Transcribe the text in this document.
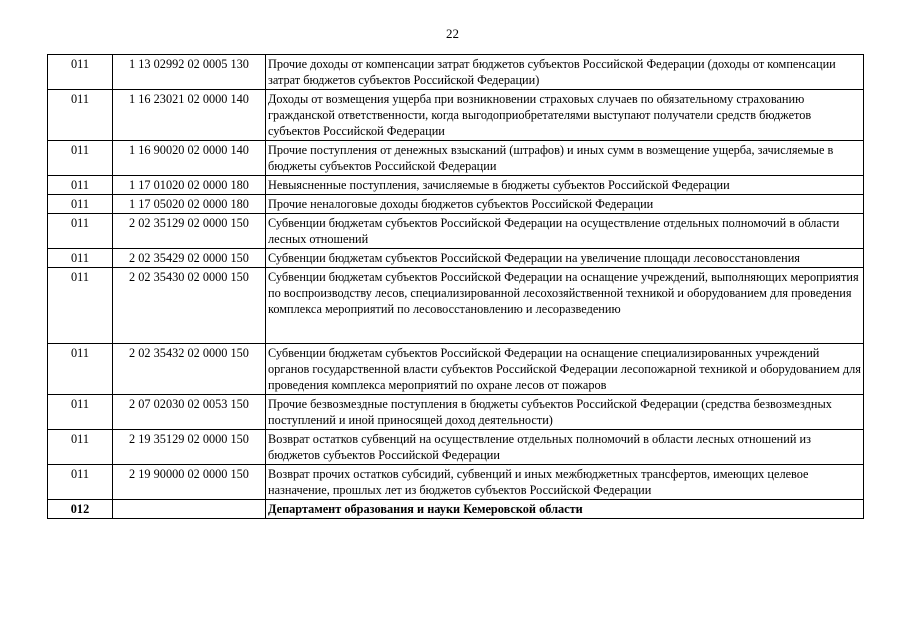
22
011	1 13 02992 02 0005 130	Прочие доходы от компенсации затрат бюджетов субъектов Российской Федерации (доходы от компенсации затрат бюджетов субъектов Российской Федерации)
011	1 16 23021 02 0000 140	Доходы от возмещения ущерба при возникновении страховых случаев по обязательному страхованию гражданской ответственности, когда выгодоприобретателями выступают получатели средств бюджетов субъектов Российской Федерации
011	1 16 90020 02 0000 140	Прочие поступления от денежных взысканий (штрафов) и иных сумм в возмещение ущерба, зачисляемые в бюджеты субъектов Российской Федерации
011	1 17 01020 02 0000 180	Невыясненные поступления, зачисляемые в бюджеты субъектов Российской Федерации
011	1 17 05020 02 0000 180	Прочие неналоговые доходы бюджетов субъектов Российской Федерации
011	2 02 35129 02 0000 150	Субвенции бюджетам субъектов Российской Федерации на осуществление отдельных полномочий в области лесных отношений
011	2 02 35429 02 0000 150	Субвенции бюджетам субъектов Российской Федерации на увеличение площади лесовосстановления
011	2 02 35430 02 0000 150	Субвенции бюджетам субъектов Российской Федерации на оснащение учреждений, выполняющих мероприятия по воспроизводству лесов, специализированной лесохозяйственной техникой и оборудованием для проведения комплекса мероприятий по лесовосстановлению и лесоразведению
011	2 02 35432 02 0000 150	Субвенции бюджетам субъектов Российской Федерации на оснащение специализированных учреждений органов государственной власти субъектов Российской Федерации лесопожарной техникой и оборудованием для проведения комплекса мероприятий по охране лесов от пожаров
011	2 07 02030 02 0053 150	Прочие безвозмездные поступления в бюджеты субъектов Российской Федерации (средства безвозмездных поступлений и иной приносящей доход деятельности)
011	2 19 35129 02 0000 150	Возврат остатков субвенций на осуществление отдельных полномочий в области лесных отношений из бюджетов субъектов Российской Федерации
011	2 19 90000 02 0000 150	Возврат прочих остатков субсидий, субвенций и иных межбюджетных трансфертов, имеющих целевое назначение, прошлых лет из бюджетов субъектов Российской Федерации
012		Департамент образования и науки Кемеровской области
